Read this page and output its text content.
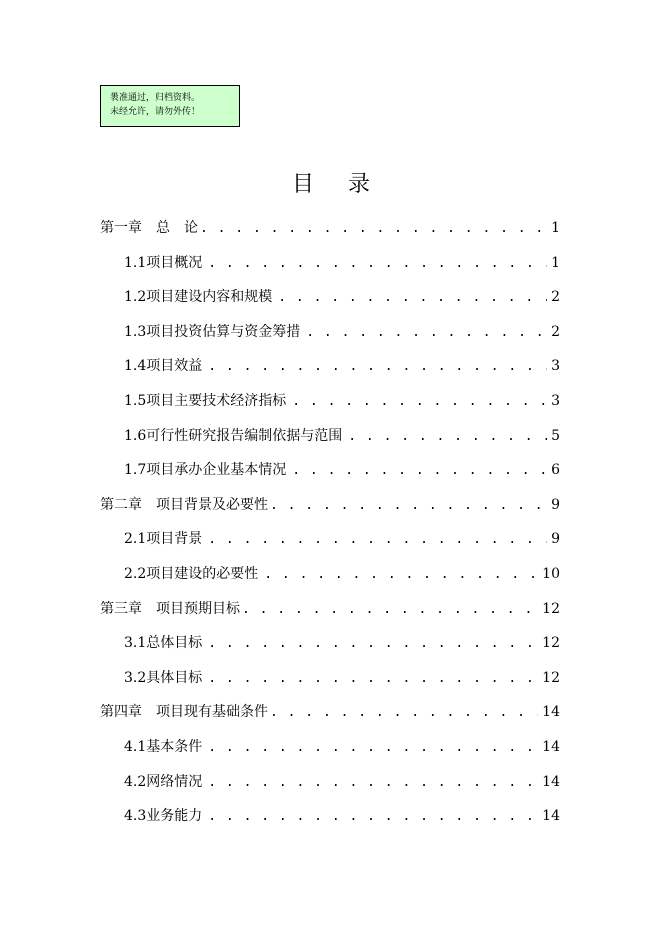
褁准通过，归档资料。
未经允许，请勿外传！
目录
第一章　总　论 . . .	1
1.1项目概况 . . .	1
1.2项目建设内容和规模 . . .	2
1.3项目投资估算与资金筹措 . . .	2
1.4项目效益 . . .	3
1.5项目主要技术经济指标 . . .	3
1.6可行性研究报告编制依据与范围 . . .	5
1.7项目承办企业基本情况 . . .	6
第二章　项目背景及必要性 . . .	9
2.1项目背景 . . .	9
2.2项目建设的必要性 . . .	10
第三章　项目预期目标 . . .	12
3.1总体目标 . . .	12
3.2具体目标 . . .	12
第四章　项目现有基础条件 . . .	14
4.1基本条件 . . .	14
4.2网络情况 . . .	14
4.3业务能力 . . .	14
